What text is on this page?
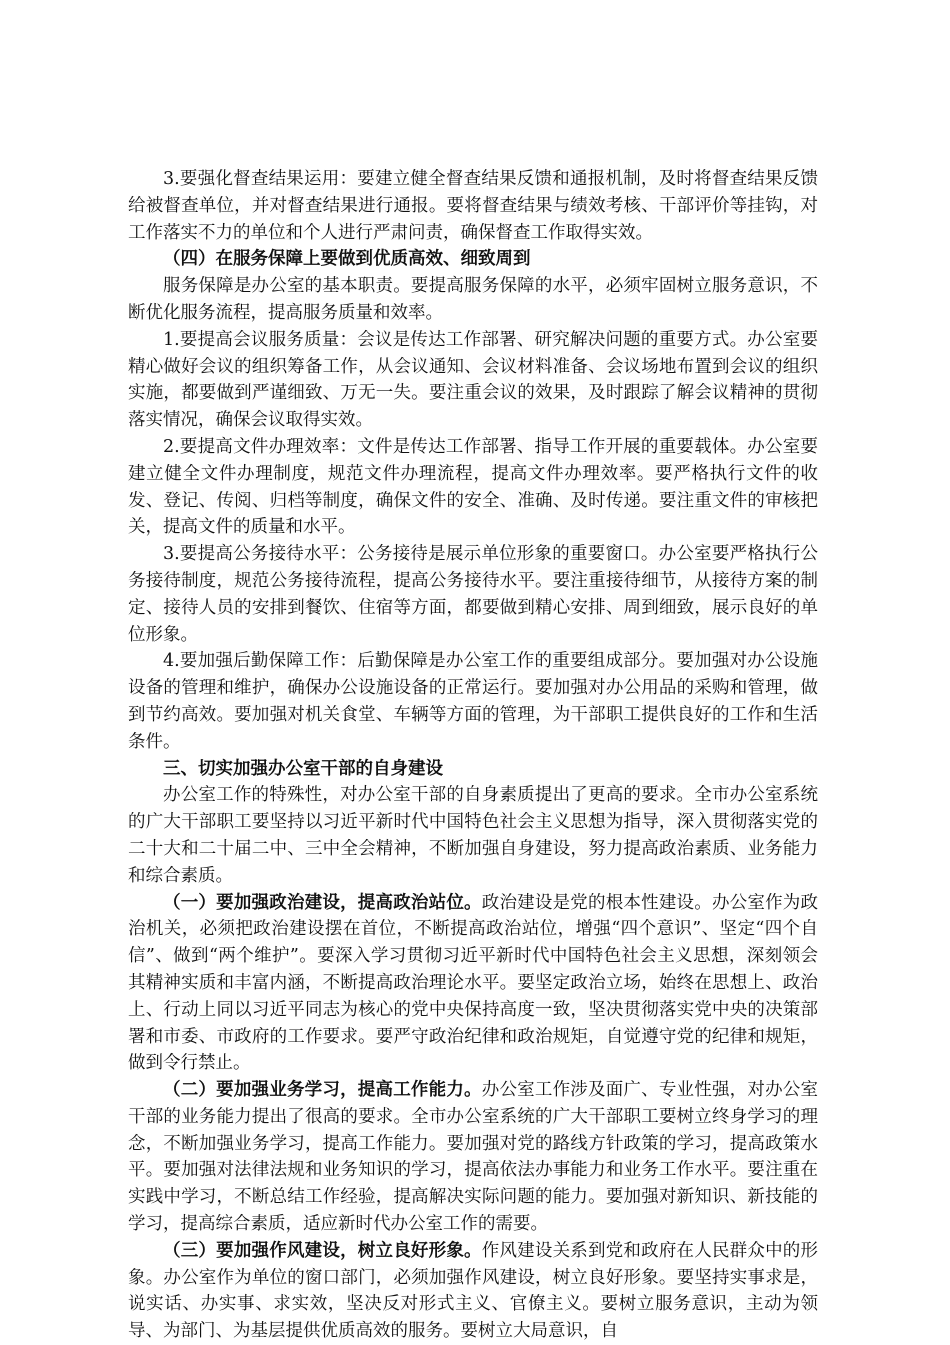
3.要强化督查结果运用：要建立健全督查结果反馈和通报机制，及时将督查结果反馈给被督查单位，并对督查结果进行通报。要将督查结果与绩效考核、干部评价等挂钩，对工作落实不力的单位和个人进行严肃问责，确保督查工作取得实效。

（四）在服务保障上要做到优质高效、细致周到

服务保障是办公室的基本职责。要提高服务保障的水平，必须牢固树立服务意识，不断优化服务流程，提高服务质量和效率。

1.要提高会议服务质量：会议是传达工作部署、研究解决问题的重要方式。办公室要精心做好会议的组织筹备工作，从会议通知、会议材料准备、会议场地布置到会议的组织实施，都要做到严谨细致、万无一失。要注重会议的效果，及时跟踪了解会议精神的贯彻落实情况，确保会议取得实效。

2.要提高文件办理效率：文件是传达工作部署、指导工作开展的重要载体。办公室要建立健全文件办理制度，规范文件办理流程，提高文件办理效率。要严格执行文件的收发、登记、传阅、归档等制度，确保文件的安全、准确、及时传递。要注重文件的审核把关，提高文件的质量和水平。

3.要提高公务接待水平：公务接待是展示单位形象的重要窗口。办公室要严格执行公务接待制度，规范公务接待流程，提高公务接待水平。要注重接待细节，从接待方案的制定、接待人员的安排到餐饮、住宿等方面，都要做到精心安排、周到细致，展示良好的单位形象。

4.要加强后勤保障工作：后勤保障是办公室工作的重要组成部分。要加强对办公设施设备的管理和维护，确保办公设施设备的正常运行。要加强对办公用品的采购和管理，做到节约高效。要加强对机关食堂、车辆等方面的管理，为干部职工提供良好的工作和生活条件。

三、切实加强办公室干部的自身建设

办公室工作的特殊性，对办公室干部的自身素质提出了更高的要求。全市办公室系统的广大干部职工要坚持以习近平新时代中国特色社会主义思想为指导，深入贯彻落实党的二十大和二十届二中、三中全会精神，不断加强自身建设，努力提高政治素质、业务能力和综合素质。

（一）要加强政治建设，提高政治站位。政治建设是党的根本性建设。办公室作为政治机关，必须把政治建设摆在首位，不断提高政治站位，增强“四个意识”、坚定“四个自信”、做到“两个维护”。要深入学习贯彻习近平新时代中国特色社会主义思想，深刻领会其精神实质和丰富内涵，不断提高政治理论水平。要坚定政治立场，始终在思想上、政治上、行动上同以习近平同志为核心的党中央保持高度一致，坚决贯彻落实党中央的决策部署和市委、市政府的工作要求。要严守政治纪律和政治规矩，自觉遵守党的纪律和规矩，做到令行禁止。

（二）要加强业务学习，提高工作能力。办公室工作涉及面广、专业性强，对办公室干部的业务能力提出了很高的要求。全市办公室系统的广大干部职工要树立终身学习的理念，不断加强业务学习，提高工作能力。要加强对党的路线方针政策的学习，提高政策水平。要加强对法律法规和业务知识的学习，提高依法办事能力和业务工作水平。要注重在实践中学习，不断总结工作经验，提高解决实际问题的能力。要加强对新知识、新技能的学习，提高综合素质，适应新时代办公室工作的需要。

（三）要加强作风建设，树立良好形象。作风建设关系到党和政府在人民群众中的形象。办公室作为单位的窗口部门，必须加强作风建设，树立良好形象。要坚持实事求是，说实话、办实事、求实效，坚决反对形式主义、官僚主义。要树立服务意识，主动为领导、为部门、为基层提供优质高效的服务。要树立大局意识，自
